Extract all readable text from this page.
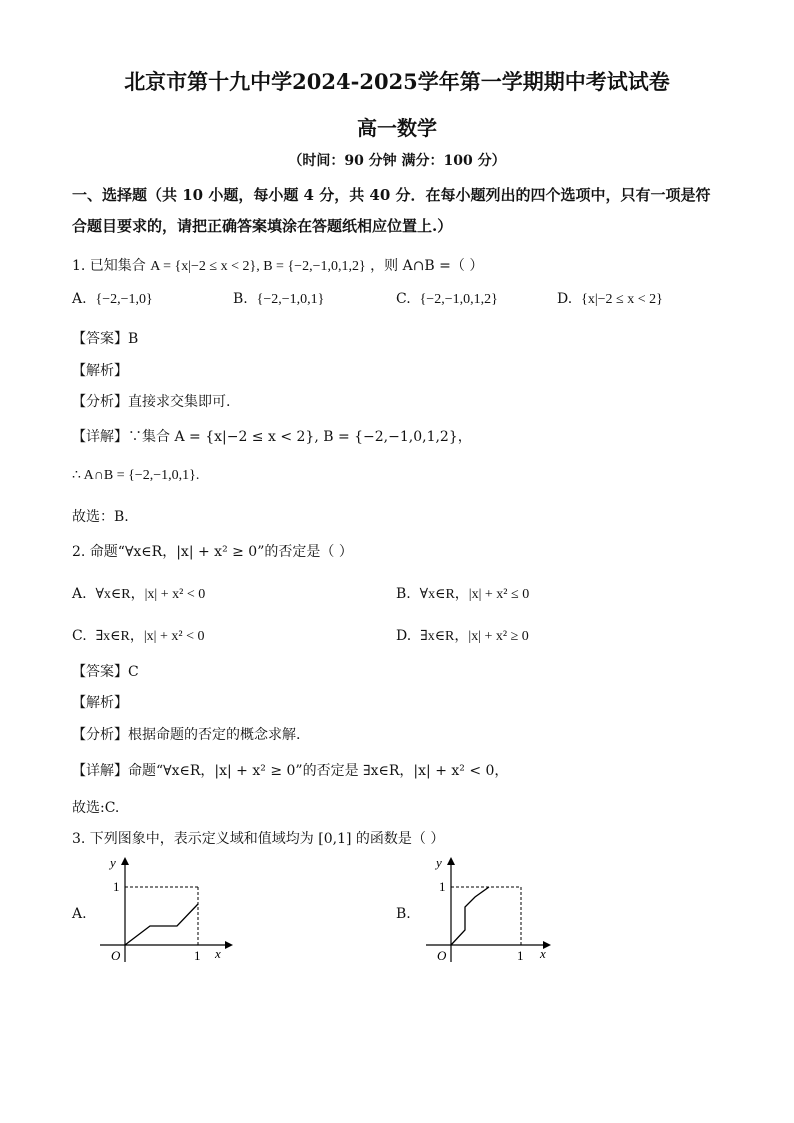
北京市第十九中学2024-2025学年第一学期期中考试试卷
高一数学
（时间：90 分钟 满分：100 分）
一、选择题（共 10 小题，每小题 4 分，共 40 分．在每小题列出的四个选项中，只有一项是符合题目要求的，请把正确答案填涂在答题纸相应位置上.）
1. 已知集合 A = {x|−2 ≤ x < 2}, B = {−2,−1,0,1,2} ，则 A∩B =（ ）
A. {−2,−1,0}	B. {−2,−1,0,1}	C. {−2,−1,0,1,2}	D. {x|−2 ≤ x < 2}
【答案】B
【解析】
【分析】直接求交集即可.
【详解】∵集合 A = {x|−2 ≤ x < 2}, B = {−2,−1,0,1,2}，
∴ A∩B = {−2,−1,0,1}.
故选：B.
2. 命题“∀x∈R，|x| + x² ≥ 0”的否定是（ ）
A. ∀x∈R，|x| + x² < 0	B. ∀x∈R，|x| + x² ≤ 0
C. ∃x∈R，|x| + x² < 0	D. ∃x∈R，|x| + x² ≥ 0
【答案】C
【解析】
【分析】根据命题的否定的概念求解.
【详解】命题“∀x∈R，|x| + x² ≥ 0”的否定是 ∃x∈R，|x| + x² < 0，
故选:C.
3. 下列图象中，表示定义域和值域均为 [0,1] 的函数是（ ）
A.
y
1
O	1 x
B.
y
1
O	1 x
